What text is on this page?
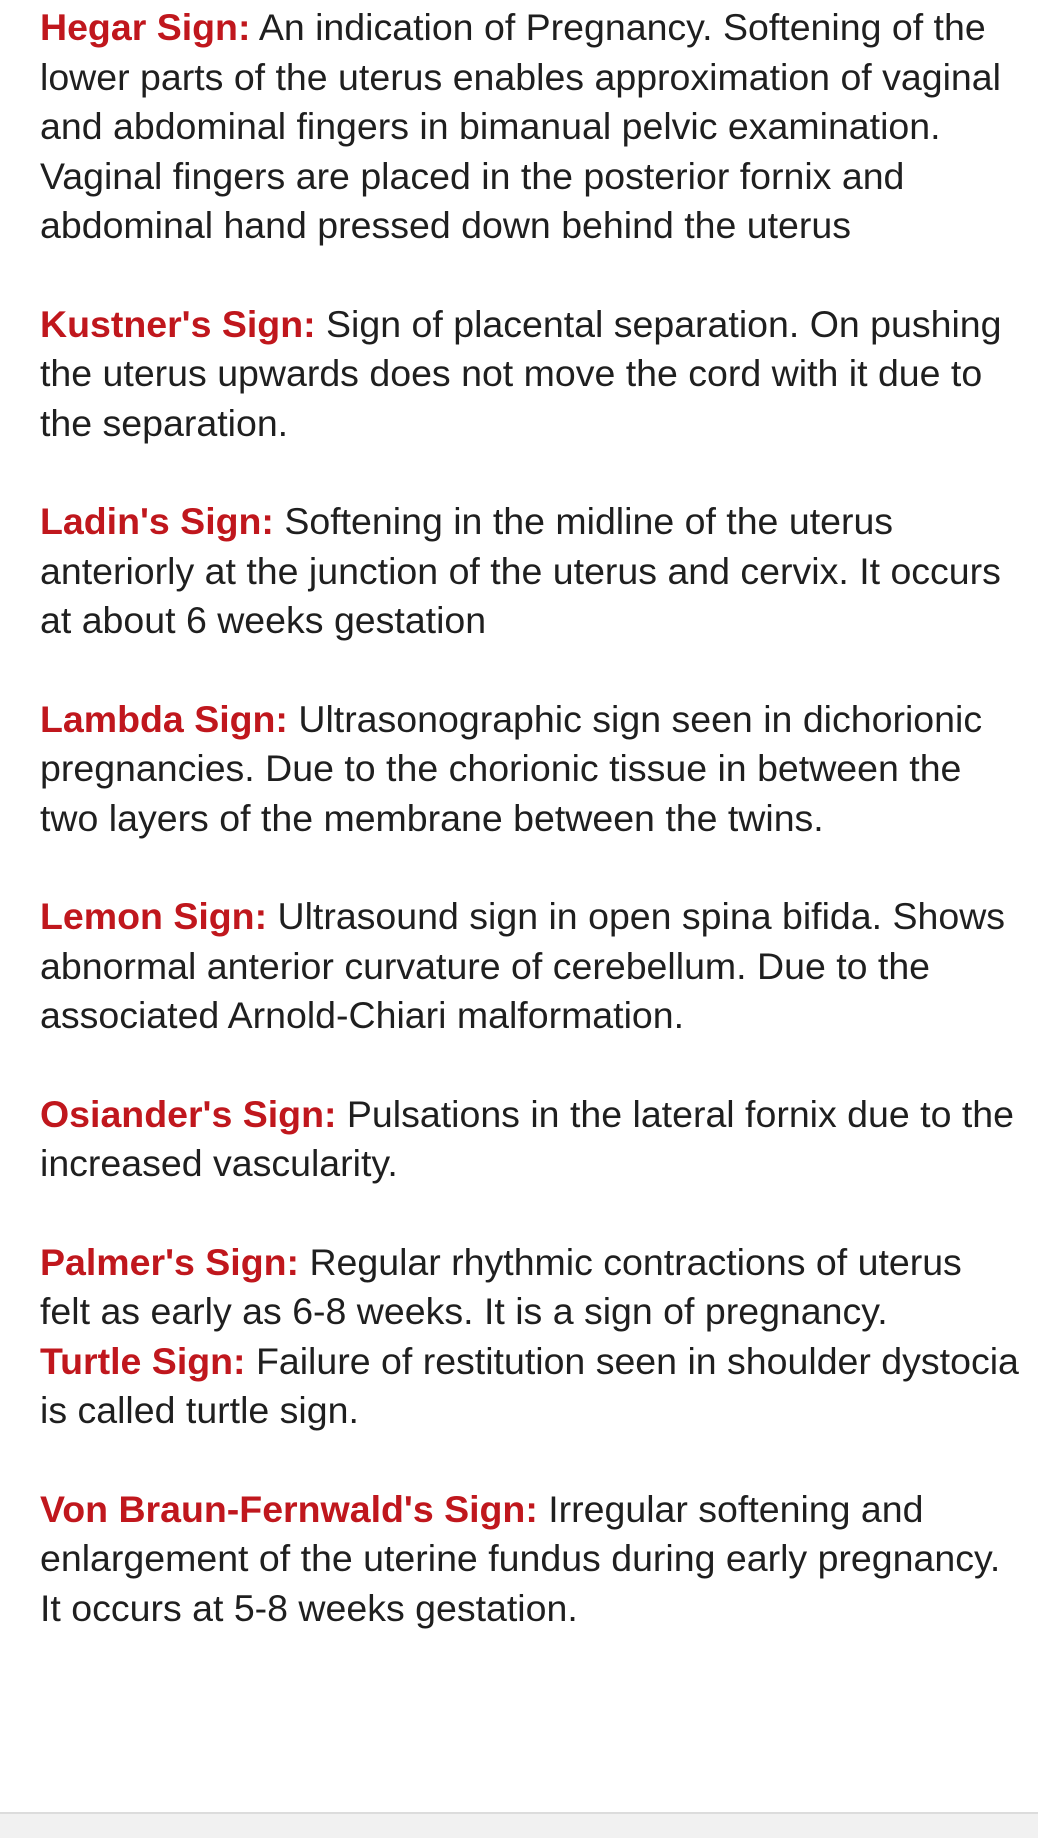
Hegar Sign: An indication of Pregnancy. Softening of the lower parts of the uterus enables approximation of vaginal and abdominal fingers in bimanual pelvic examination. Vaginal fingers are placed in the posterior fornix and abdominal hand pressed down behind the uterus

Kustner's Sign: Sign of placental separation. On pushing the uterus upwards does not move the cord with it due to the separation.

Ladin's Sign: Softening in the midline of the uterus anteriorly at the junction of the uterus and cervix. It occurs at about 6 weeks gestation

Lambda Sign: Ultrasonographic sign seen in dichorionic pregnancies. Due to the chorionic tissue in between the two layers of the membrane between the twins.

Lemon Sign: Ultrasound sign in open spina bifida. Shows abnormal anterior curvature of cerebellum. Due to the associated Arnold-Chiari malformation.

Osiander's Sign: Pulsations in the lateral fornix due to the increased vascularity.

Palmer's Sign: Regular rhythmic contractions of uterus felt as early as 6-8 weeks. It is a sign of pregnancy.

Turtle Sign: Failure of restitution seen in shoulder dystocia is called turtle sign.

Von Braun-Fernwald's Sign: Irregular softening and enlargement of the uterine fundus during early pregnancy. It occurs at 5-8 weeks gestation.
